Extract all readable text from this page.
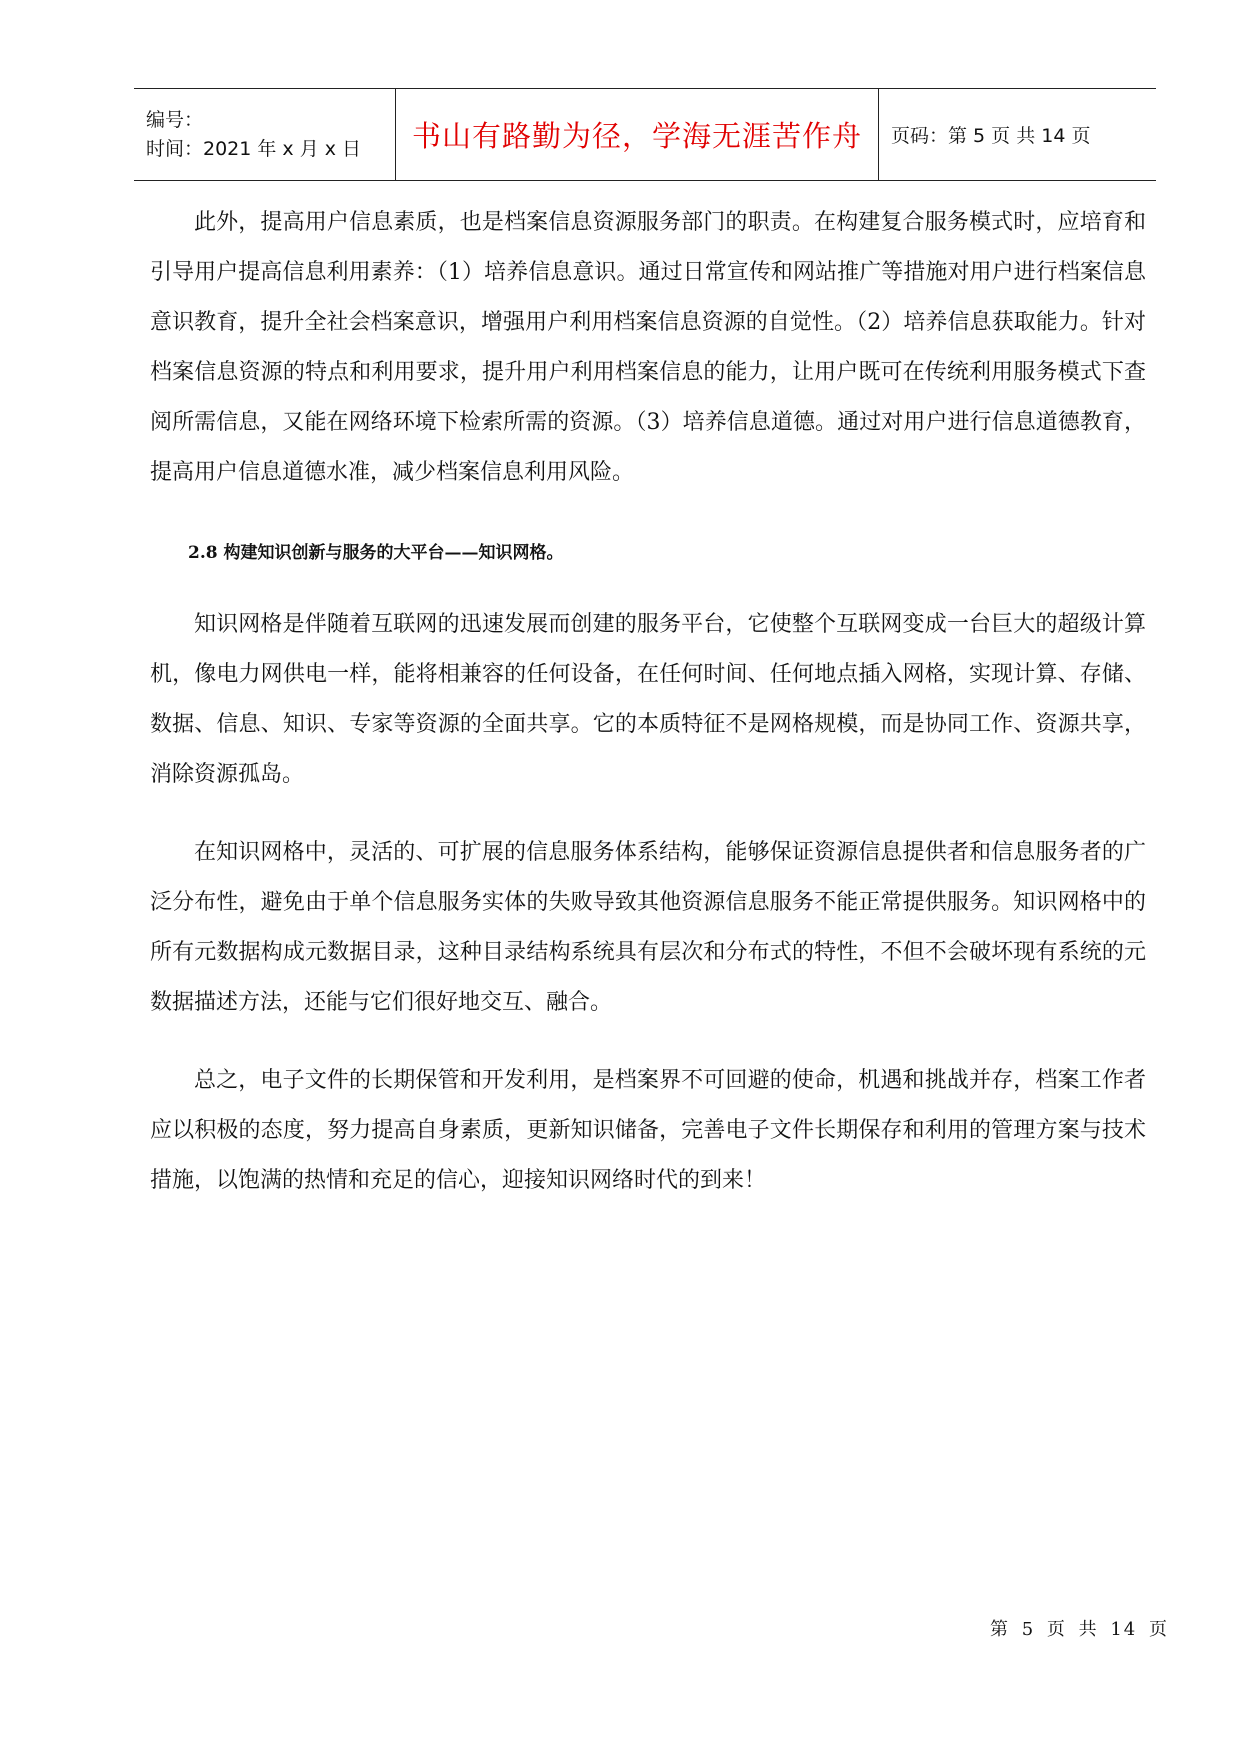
编号：
时间：2021 年 x 月 x 日	书山有路勤为径，学海无涯苦作舟 页码：第 5 页 共 14 页

此外，提高用户信息素质，也是档案信息资源服务部门的职责。在构建复合服务模式时，应培育和引导用户提高信息利用素养：（1）培养信息意识。通过日常宣传和网站推广等措施对用户进行档案信息意识教育，提升全社会档案意识，增强用户利用档案信息资源的自觉性。（2）培养信息获取能力。针对档案信息资源的特点和利用要求，提升用户利用档案信息的能力，让用户既可在传统利用服务模式下查阅所需信息，又能在网络环境下检索所需的资源。（3）培养信息道德。通过对用户进行信息道德教育，提高用户信息道德水准，减少档案信息利用风险。

2.8 构建知识创新与服务的大平台——知识网格。

知识网格是伴随着互联网的迅速发展而创建的服务平台，它使整个互联网变成一台巨大的超级计算机，像电力网供电一样，能将相兼容的任何设备，在任何时间、任何地点插入网格，实现计算、存储、数据、信息、知识、专家等资源的全面共享。它的本质特征不是网格规模，而是协同工作、资源共享，消除资源孤岛。

在知识网格中，灵活的、可扩展的信息服务体系结构，能够保证资源信息提供者和信息服务者的广泛分布性，避免由于单个信息服务实体的失败导致其他资源信息服务不能正常提供服务。知识网格中的所有元数据构成元数据目录，这种目录结构系统具有层次和分布式的特性，不但不会破坏现有系统的元数据描述方法，还能与它们很好地交互、融合。

总之，电子文件的长期保管和开发利用，是档案界不可回避的使命，机遇和挑战并存，档案工作者应以积极的态度，努力提高自身素质，更新知识储备，完善电子文件长期保存和利用的管理方案与技术措施，以饱满的热情和充足的信心，迎接知识网络时代的到来！

第 5 页 共 14 页
